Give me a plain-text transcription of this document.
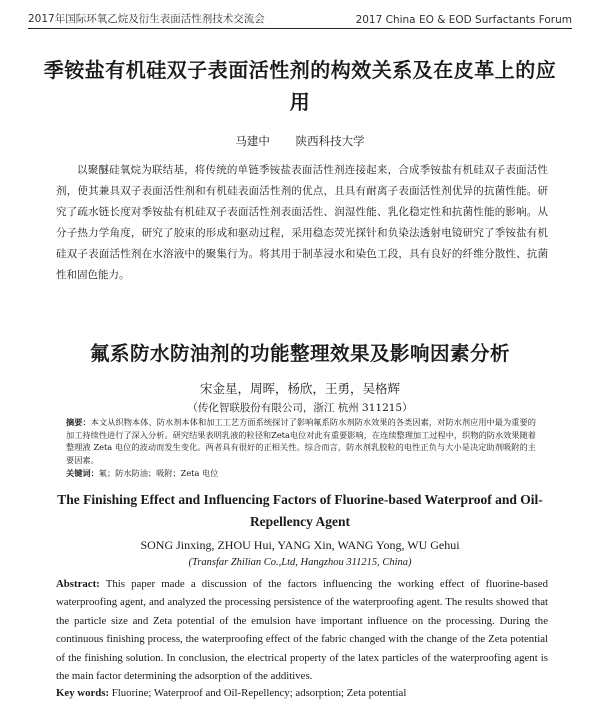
2017年国际环氧乙烷及衍生表面活性剂技术交流会	2017 China EO & EOD Surfactants Forum
季铵盐有机硅双子表面活性剂的构效关系及在皮革上的应用
马建中 陕西科技大学
以聚醚硅氧烷为联结基，将传统的单链季铵盐表面活性剂连接起来，合成季铵盐有机硅双子表面活性剂，使其兼具双子表面活性剂和有机硅表面活性剂的优点，且具有耐离子表面活性剂优异的抗菌性能。研究了疏水链长度对季铵盐有机硅双子表面活性剂表面活性、润湿性能、乳化稳定性和抗菌性能的影响。从分子热力学角度，研究了胶束的形成和驱动过程，采用稳态荧光探针和负染法透射电镜研究了季铵盐有机硅双子表面活性剂在水溶液中的聚集行为。将其用于制革浸水和染色工段，具有良好的纤维分散性、抗菌性和固色能力。
氟系防水防油剂的功能整理效果及影响因素分析
宋金星，周晖，杨欣，王勇，吴格辉
（传化智联股份有限公司，浙江 杭州 311215）
摘要：本文从织物本体、防水剂本体和加工工艺方面系统探讨了影响氟系防水剂防水效果的各类因素，对防水剂应用中最为重要的加工持续性进行了深入分析。研究结果表明乳液的粒径和Zeta电位对此有重要影响，在连续整理加工过程中，织物的防水效果随着整理液 Zeta 电位的波动而发生变化。两者具有很好的正相关性。综合而言，防水剂乳胶粒的电性正负与大小是决定助剂吸附的主要因素。
关键词：氟；防水防油；吸附；Zeta 电位
The Finishing Effect and Influencing Factors of Fluorine-based Waterproof and Oil-Repellency Agent
SONG Jinxing, ZHOU Hui, YANG Xin, WANG Yong, WU Gehui
(Transfar Zhilian Co.,Ltd, Hangzhou 311215, China)
Abstract: This paper made a discussion of the factors influencing the working effect of fluorine-based waterproofing agent, and analyzed the processing persistence of the waterproofing agent. The results showed that the particle size and Zeta potential of the emulsion have important influence on the processing. During the continuous finishing process, the waterproofing effect of the fabric changed with the change of the Zeta potential of the finishing solution. In conclusion, the electrical property of the latex particles of the waterproofing agent is the main factor determining the adsorption of the additives.
Key words: Fluorine; Waterproof and Oil-Repellency; adsorption; Zeta potential
